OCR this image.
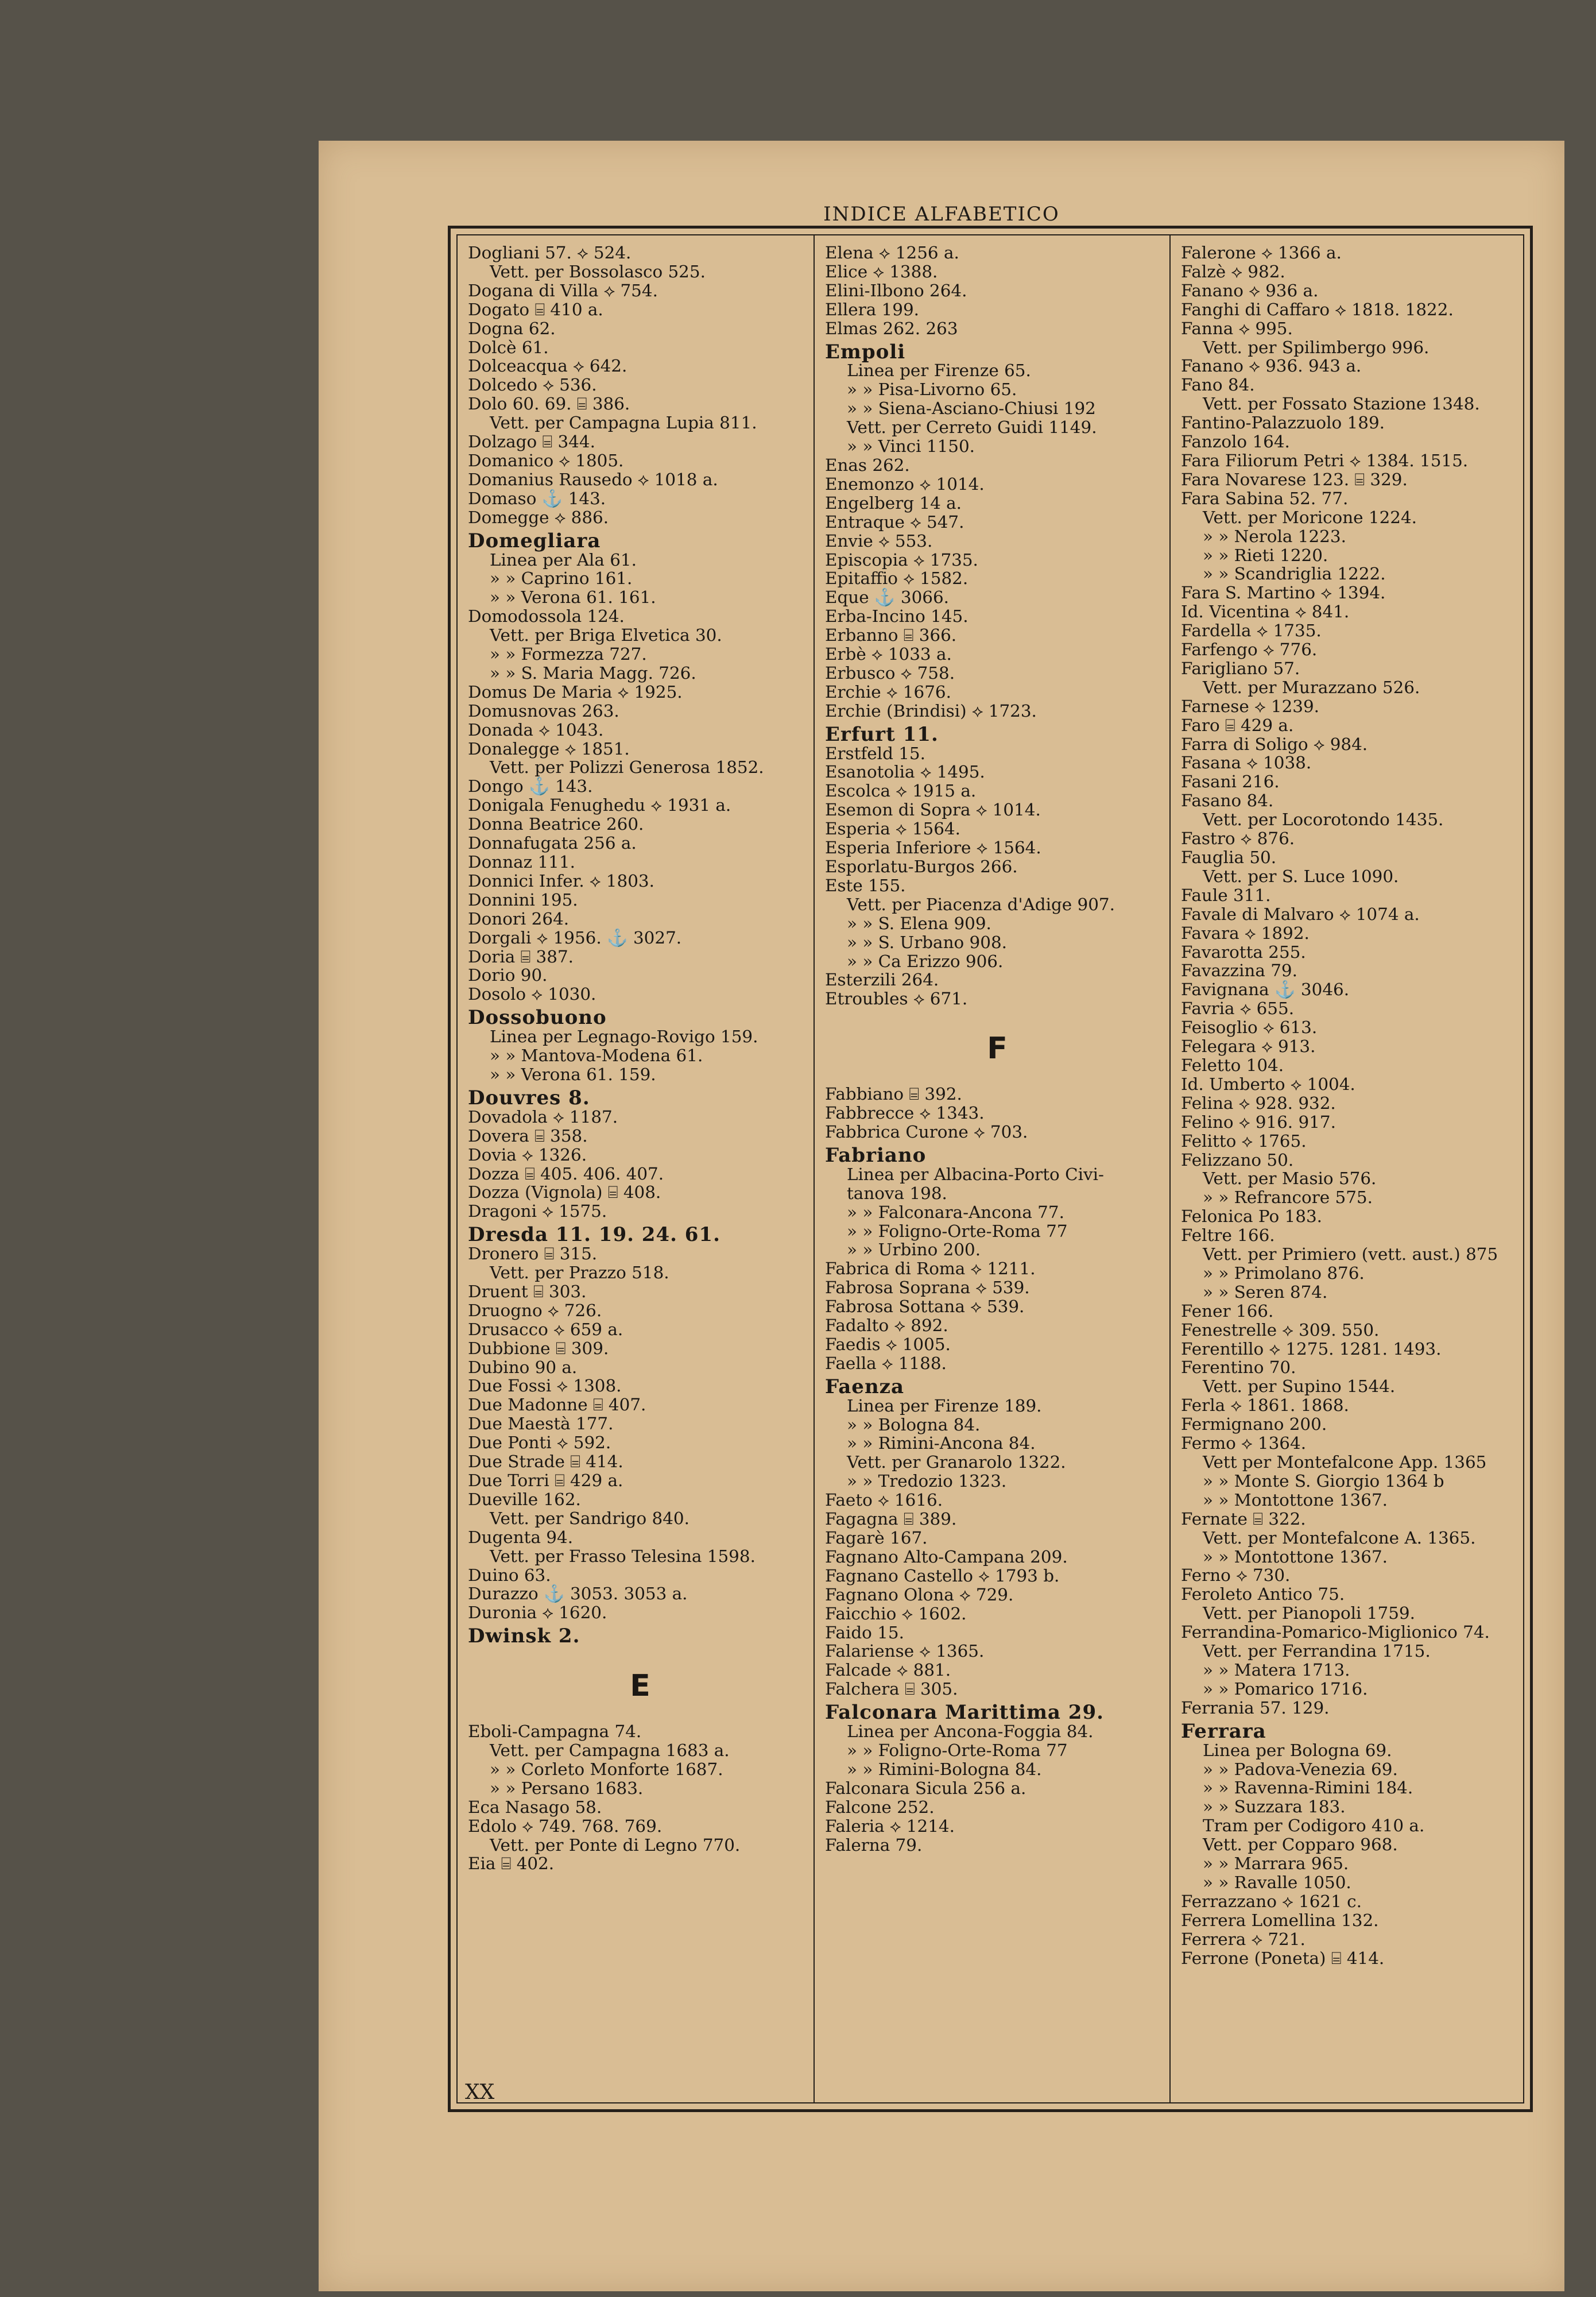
INDICE ALFABETICO
Dogliani 57. ⟡ 524.
Vett. per Bossolasco 525.
Dogana di Villa ⟡ 754.
Dogato ⌸ 410 a.
Dogna 62.
Dolcè 61.
Dolceacqua ⟡ 642.
Dolcedo ⟡ 536.
Dolo 60. 69. ⌸ 386.
Vett. per Campagna Lupia 811.
Dolzago ⌸ 344.
Domanico ⟡ 1805.
Domanius Rausedo ⟡ 1018 a.
Domaso ⚓ 143.
Domegge ⟡ 886.
Domegliara
Linea per Ala 61.
» » Caprino 161.
» » Verona 61. 161.
Domodossola 124.
Vett. per Briga Elvetica 30.
» » Formezza 727.
» » S. Maria Magg. 726.
Domus De Maria ⟡ 1925.
Domusnovas 263.
Donada ⟡ 1043.
Donalegge ⟡ 1851.
Vett. per Polizzi Generosa 1852.
Dongo ⚓ 143.
Donigala Fenughedu ⟡ 1931 a.
Donna Beatrice 260.
Donnafugata 256 a.
Donnaz 111.
Donnici Infer. ⟡ 1803.
Donnini 195.
Donori 264.
Dorgali ⟡ 1956. ⚓ 3027.
Doria ⌸ 387.
Dorio 90.
Dosolo ⟡ 1030.
Dossobuono
Linea per Legnago-Rovigo 159.
» » Mantova-Modena 61.
» » Verona 61. 159.
Douvres 8.
Dovadola ⟡ 1187.
Dovera ⌸ 358.
Dovia ⟡ 1326.
Dozza ⌸ 405. 406. 407.
Dozza (Vignola) ⌸ 408.
Dragoni ⟡ 1575.
Dresda 11. 19. 24. 61.
Dronero ⌸ 315.
Vett. per Prazzo 518.
Druent ⌸ 303.
Druogno ⟡ 726.
Drusacco ⟡ 659 a.
Dubbione ⌸ 309.
Dubino 90 a.
Due Fossi ⟡ 1308.
Due Madonne ⌸ 407.
Due Maestà 177.
Due Ponti ⟡ 592.
Due Strade ⌸ 414.
Due Torri ⌸ 429 a.
Dueville 162.
Vett. per Sandrigo 840.
Dugenta 94.
Vett. per Frasso Telesina 1598.
Duino 63.
Durazzo ⚓ 3053. 3053 a.
Duronia ⟡ 1620.
Dwinsk 2.
E
Eboli-Campagna 74.
Vett. per Campagna 1683 a.
» » Corleto Monforte 1687.
» » Persano 1683.
Eca Nasago 58.
Edolo ⟡ 749. 768. 769.
Vett. per Ponte di Legno 770.
Eia ⌸ 402.
Elena ⟡ 1256 a.
Elice ⟡ 1388.
Elini-Ilbono 264.
Ellera 199.
Elmas 262. 263
Empoli
Linea per Firenze 65.
» » Pisa-Livorno 65.
» » Siena-Asciano-Chiusi 192
Vett. per Cerreto Guidi 1149.
» » Vinci 1150.
Enas 262.
Enemonzo ⟡ 1014.
Engelberg 14 a.
Entraque ⟡ 547.
Envie ⟡ 553.
Episcopia ⟡ 1735.
Epitaffio ⟡ 1582.
Eque ⚓ 3066.
Erba-Incino 145.
Erbanno ⌸ 366.
Erbè ⟡ 1033 a.
Erbusco ⟡ 758.
Erchie ⟡ 1676.
Erchie (Brindisi) ⟡ 1723.
Erfurt 11.
Erstfeld 15.
Esanotolia ⟡ 1495.
Escolca ⟡ 1915 a.
Esemon di Sopra ⟡ 1014.
Esperia ⟡ 1564.
Esperia Inferiore ⟡ 1564.
Esporlatu-Burgos 266.
Este 155.
Vett. per Piacenza d'Adige 907.
» » S. Elena 909.
» » S. Urbano 908.
» » Ca Erizzo 906.
Esterzili 264.
Etroubles ⟡ 671.
F
Fabbiano ⌸ 392.
Fabbrecce ⟡ 1343.
Fabbrica Curone ⟡ 703.
Fabriano
Linea per Albacina-Porto Civi-
tanova 198.
» » Falconara-Ancona 77.
» » Foligno-Orte-Roma 77
» » Urbino 200.
Fabrica di Roma ⟡ 1211.
Fabrosa Soprana ⟡ 539.
Fabrosa Sottana ⟡ 539.
Fadalto ⟡ 892.
Faedis ⟡ 1005.
Faella ⟡ 1188.
Faenza
Linea per Firenze 189.
» » Bologna 84.
» » Rimini-Ancona 84.
Vett. per Granarolo 1322.
» » Tredozio 1323.
Faeto ⟡ 1616.
Fagagna ⌸ 389.
Fagarè 167.
Fagnano Alto-Campana 209.
Fagnano Castello ⟡ 1793 b.
Fagnano Olona ⟡ 729.
Faicchio ⟡ 1602.
Faido 15.
Falariense ⟡ 1365.
Falcade ⟡ 881.
Falchera ⌸ 305.
Falconara Marittima 29.
Linea per Ancona-Foggia 84.
» » Foligno-Orte-Roma 77
» » Rimini-Bologna 84.
Falconara Sicula 256 a.
Falcone 252.
Faleria ⟡ 1214.
Falerna 79.
Falerone ⟡ 1366 a.
Falzè ⟡ 982.
Fanano ⟡ 936 a.
Fanghi di Caffaro ⟡ 1818. 1822.
Fanna ⟡ 995.
Vett. per Spilimbergo 996.
Fanano ⟡ 936. 943 a.
Fano 84.
Vett. per Fossato Stazione 1348.
Fantino-Palazzuolo 189.
Fanzolo 164.
Fara Filiorum Petri ⟡ 1384. 1515.
Fara Novarese 123. ⌸ 329.
Fara Sabina 52. 77.
Vett. per Moricone 1224.
» » Nerola 1223.
» » Rieti 1220.
» » Scandriglia 1222.
Fara S. Martino ⟡ 1394.
Id. Vicentina ⟡ 841.
Fardella ⟡ 1735.
Farfengo ⟡ 776.
Farigliano 57.
Vett. per Murazzano 526.
Farnese ⟡ 1239.
Faro ⌸ 429 a.
Farra di Soligo ⟡ 984.
Fasana ⟡ 1038.
Fasani 216.
Fasano 84.
Vett. per Locorotondo 1435.
Fastro ⟡ 876.
Fauglia 50.
Vett. per S. Luce 1090.
Faule 311.
Favale di Malvaro ⟡ 1074 a.
Favara ⟡ 1892.
Favarotta 255.
Favazzina 79.
Favignana ⚓ 3046.
Favria ⟡ 655.
Feisoglio ⟡ 613.
Felegara ⟡ 913.
Feletto 104.
Id. Umberto ⟡ 1004.
Felina ⟡ 928. 932.
Felino ⟡ 916. 917.
Felitto ⟡ 1765.
Felizzano 50.
Vett. per Masio 576.
» » Refrancore 575.
Felonica Po 183.
Feltre 166.
Vett. per Primiero (vett. aust.) 875
» » Primolano 876.
» » Seren 874.
Fener 166.
Fenestrelle ⟡ 309. 550.
Ferentillo ⟡ 1275. 1281. 1493.
Ferentino 70.
Vett. per Supino 1544.
Ferla ⟡ 1861. 1868.
Fermignano 200.
Fermo ⟡ 1364.
Vett per Montefalcone App. 1365
» » Monte S. Giorgio 1364 b
» » Montottone 1367.
Fernate ⌸ 322.
Vett. per Montefalcone A. 1365.
» » Montottone 1367.
Ferno ⟡ 730.
Feroleto Antico 75.
Vett. per Pianopoli 1759.
Ferrandina-Pomarico-Miglionico 74.
Vett. per Ferrandina 1715.
» » Matera 1713.
» » Pomarico 1716.
Ferrania 57. 129.
Ferrara
Linea per Bologna 69.
» » Padova-Venezia 69.
» » Ravenna-Rimini 184.
» » Suzzara 183.
Tram per Codigoro 410 a.
Vett. per Copparo 968.
» » Marrara 965.
» » Ravalle 1050.
Ferrazzano ⟡ 1621 c.
Ferrera Lomellina 132.
Ferrera ⟡ 721.
Ferrone (Poneta) ⌸ 414.
XX
